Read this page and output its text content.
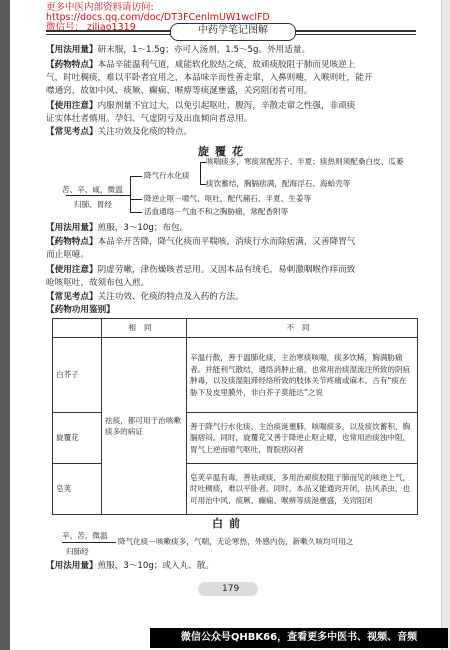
更多中医内部资料请访问:
https://docs.qq.com/doc/DT3FCenlmUW1wclFD
微信号： ziliao1319	中药学笔记图解
【用法用量】研末服，1～1.5g；亦可入汤剂，1.5～5g。外用适量。
【药物特点】本品辛能温利气道，咸能软化胶结之痰，故顽痰胶阻于肺而见咳逆上
气，时吐稠痰，难以平卧者宜用之，本品味辛而性善走窜，入鼻则嚏，入喉则吐，能开
噤通窍，故如中风、痰厥、癫痫、喉痹等痰涎壅盛，关窍阻闭者可用。
【使用注意】内服剂量不宜过大，以免引起呕吐、腹泻，辛散走窜之性强，非顽痰
证实体壮者慎用。孕妇、气虚阴亏及出血倾向者忌用。
【常见考点】关注功效及化痰的特点。
旋覆花
苦、辛、咸，微温
归肺、胃经
降气行水化痰
咳喘痰多，寒痰常配苏子、半夏；痰热则须配桑白皮、瓜蒌
痰饮蓄结，胸膈痞满，配海浮石、海蛤壳等
降逆止呕－噫气、呕吐，配代赭石、半夏、生姜等
活血通络－气血不和之胸胁痛，常配香附等
【用法用量】煎服，3～10g；布包。
【药物特点】本品辛开苦降，降气化痰而平喘咳，消痰行水而除痞满，又善降胃气
而止呕噫。
【使用注意】阴虚劳嗽，津伤燥咳者忌用。又因本品有绒毛，易刺激咽喉作痒而致
呛咳呕吐，故须布包入煎。
【常见考点】关注功效、化痰的特点及入药的方法。
【药物功用鉴别】
	相同	不同
白芥子	祛痰，都可用于治咳嗽痰多的病证	辛温行散，善于温肺化痰，主治寒痰咳喘，痰多饮稀，胸满胁痛者。并能利气散结，通络消肿止痛，也常用治痰湿流注所致的阴疽肿毒，以及痰湿阻滞经络所致的肢体关节疼痛或麻木。古有“痰在胁下及皮里膜外，非白芥子莫能达”之说
旋覆花		善于降气行水化痰，主治痰涎壅肺，咳喘痰多，以及痰饮蓄积，胸膈痞闷。同时，旋覆花又善于降逆止呕止噫，也常用治痰浊中阻，胃气上逆而噫气呕吐，胃脘痞闷者
皂荚		皂荚辛温有毒，善祛顽痰，多用治顽痰胶阻于肺而见的咳逆上气，时吐稠痰，难以平卧者。同时，本品又能通窍开闭，祛风杀虫，也可用治中风、痰厥、癫痫、喉痹等痰涎壅盛，关窍阻闭
白前
辛、苦，微温
归肺经
降气化痰－咳嗽痰多，气喘，无论寒热，外感内伤，新嗽久咳均可用之
【用法用量】煎服，3～10g；或入丸、散。
179
微信公众号QHBK66，查看更多中医书、视频、音频
